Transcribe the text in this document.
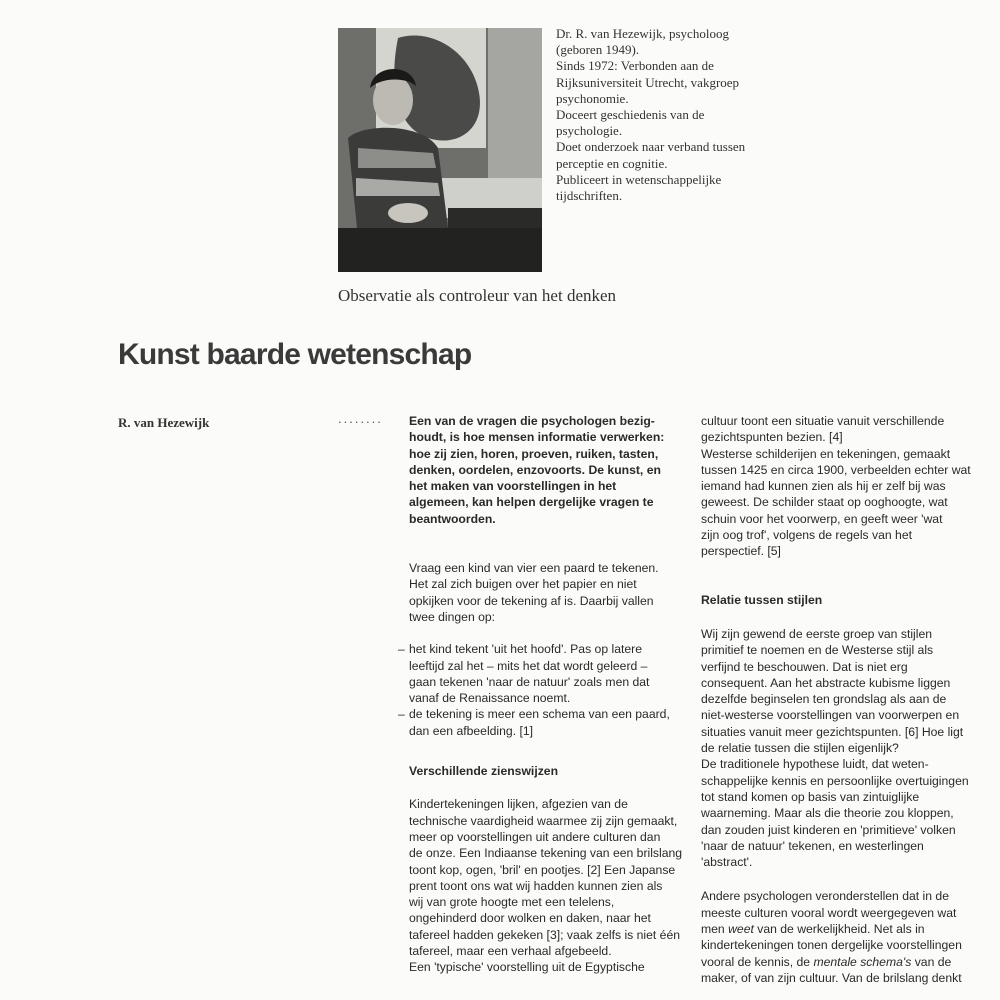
Dr. R. van Hezewijk, psycholoog
(geboren 1949).
Sinds 1972: Verbonden aan de
Rijksuniversiteit Utrecht, vakgroep
psychonomie.
Doceert geschiedenis van de
psychologie.
Doet onderzoek naar verband tussen
perceptie en cognitie.
Publiceert in wetenschappelijke
tijdschriften.
Observatie als controleur van het denken
Kunst baarde wetenschap
R. van Hezewijk	........ Een van de vragen die psychologen bezig-
houdt, is hoe mensen informatie verwerken:
hoe zij zien, horen, proeven, ruiken, tasten,
denken, oordelen, enzovoorts. De kunst, en
het maken van voorstellingen in het
algemeen, kan helpen dergelijke vragen te
beantwoorden.
Vraag een kind van vier een paard te tekenen.
Het zal zich buigen over het papier en niet
opkijken voor de tekening af is. Daarbij vallen
twee dingen op:
– het kind tekent 'uit het hoofd'. Pas op latere
leeftijd zal het – mits het dat wordt geleerd –
gaan tekenen 'naar de natuur' zoals men dat
vanaf de Renaissance noemt.
– de tekening is meer een schema van een paard,
dan een afbeelding. [1]
Verschillende zienswijzen
Kindertekeningen lijken, afgezien van de
technische vaardigheid waarmee zij zijn gemaakt,
meer op voorstellingen uit andere culturen dan
de onze. Een Indiaanse tekening van een brilslang
toont kop, ogen, 'bril' en pootjes. [2] Een Japanse
prent toont ons wat wij hadden kunnen zien als
wij van grote hoogte met een telelens,
ongehinderd door wolken en daken, naar het
tafereel hadden gekeken [3]; vaak zelfs is niet één
tafereel, maar een verhaal afgebeeld.
Een 'typische' voorstelling uit de Egyptische
cultuur toont een situatie vanuit verschillende
gezichtspunten bezien. [4]
Westerse schilderijen en tekeningen, gemaakt
tussen 1425 en circa 1900, verbeelden echter wat
iemand had kunnen zien als hij er zelf bij was
geweest. De schilder staat op ooghoogte, wat
schuin voor het voorwerp, en geeft weer 'wat
zijn oog trof', volgens de regels van het
perspectief. [5]
Relatie tussen stijlen
Wij zijn gewend de eerste groep van stijlen
primitief te noemen en de Westerse stijl als
verfijnd te beschouwen. Dat is niet erg
consequent. Aan het abstracte kubisme liggen
dezelfde beginselen ten grondslag als aan de
niet-westerse voorstellingen van voorwerpen en
situaties vanuit meer gezichtspunten. [6] Hoe ligt
de relatie tussen die stijlen eigenlijk?
De traditionele hypothese luidt, dat weten-
schappelijke kennis en persoonlijke overtuigingen
tot stand komen op basis van zintuiglijke
waarneming. Maar als die theorie zou kloppen,
dan zouden juist kinderen en 'primitieve' volken
'naar de natuur' tekenen, en westerlingen
'abstract'.
Andere psychologen veronderstellen dat in de
meeste culturen vooral wordt weergegeven wat
men weet van de werkelijkheid. Net als in
kindertekeningen tonen dergelijke voorstellingen
vooral de kennis, de mentale schema's van de
maker, of van zijn cultuur. Van de brilslang denkt
